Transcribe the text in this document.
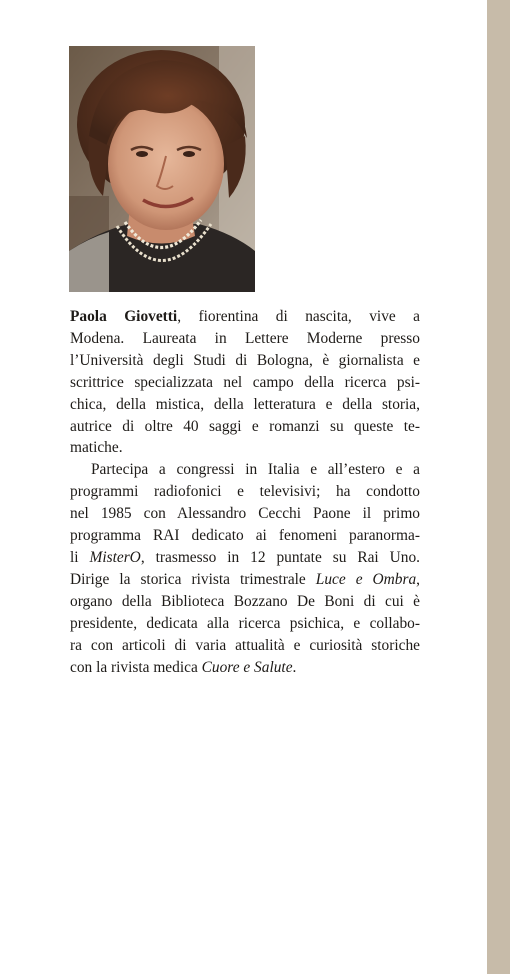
Paola Giovetti, fiorentina di nascita, vive a
Modena. Laureata in Lettere Moderne presso
l’Università degli Studi di Bologna, è giornalista e
scrittrice specializzata nel campo della ricerca psi-
chica, della mistica, della letteratura e della storia,
autrice di oltre 40 saggi e romanzi su queste te-
matiche.

Partecipa a congressi in Italia e all’estero e a
programmi radiofonici e televisivi; ha condotto
nel 1985 con Alessandro Cecchi Paone il primo
programma RAI dedicato ai fenomeni paranorma-
li MisterO, trasmesso in 12 puntate su Rai Uno.
Dirige la storica rivista trimestrale Luce e Ombra,
organo della Biblioteca Bozzano De Boni di cui è
presidente, dedicata alla ricerca psichica, e collabo-
ra con articoli di varia attualità e curiosità storiche
con la rivista medica Cuore e Salute.
